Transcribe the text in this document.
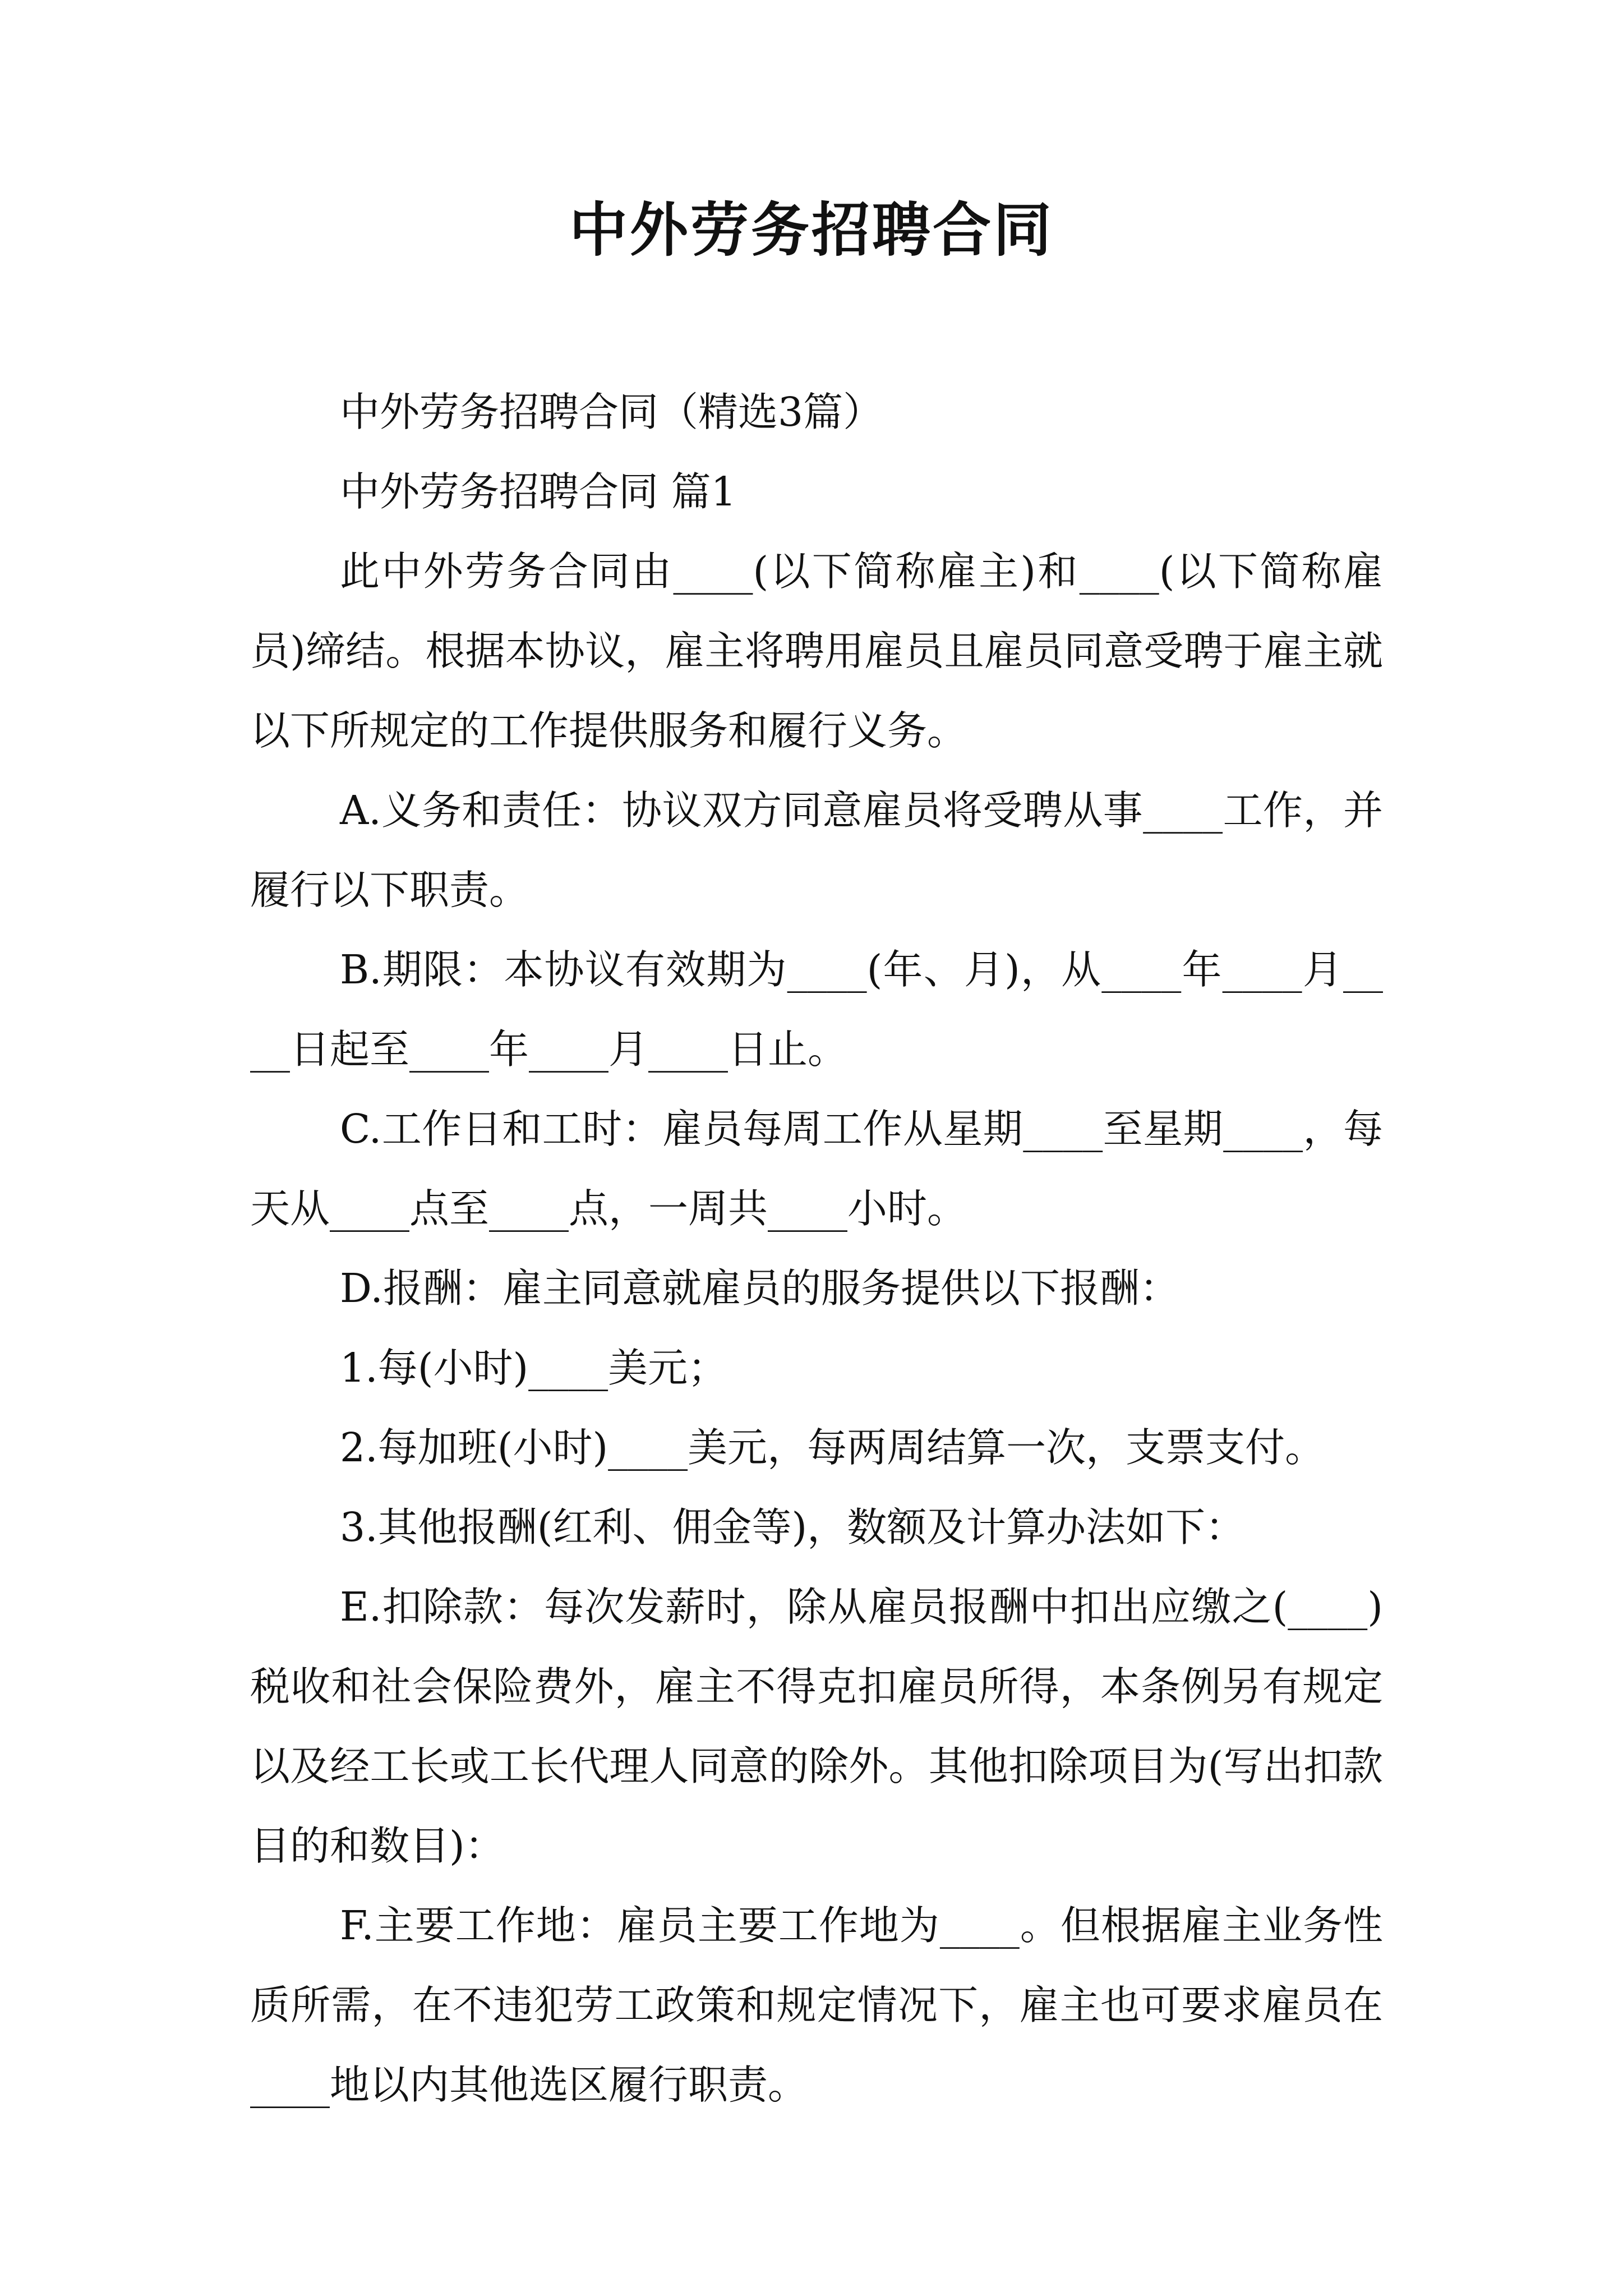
中外劳务招聘合同

中外劳务招聘合同（精选3篇）

中外劳务招聘合同 篇1

此中外劳务合同由____(以下简称雇主)和____(以下简称雇员)缔结。根据本协议，雇主将聘用雇员且雇员同意受聘于雇主就以下所规定的工作提供服务和履行义务。

A.义务和责任：协议双方同意雇员将受聘从事____工作，并履行以下职责。

B.期限：本协议有效期为____(年、月)，从____年____月____日起至____年____月____日止。

C.工作日和工时：雇员每周工作从星期____至星期____，每天从____点至____点，一周共____小时。

D.报酬：雇主同意就雇员的服务提供以下报酬：

1.每(小时)____美元；

2.每加班(小时)____美元，每两周结算一次，支票支付。

3.其他报酬(红利、佣金等)，数额及计算办法如下：

E.扣除款：每次发薪时，除从雇员报酬中扣出应缴之(____)税收和社会保险费外，雇主不得克扣雇员所得，本条例另有规定以及经工长或工长代理人同意的除外。其他扣除项目为(写出扣款目的和数目)：

F.主要工作地：雇员主要工作地为____。但根据雇主业务性质所需，在不违犯劳工政策和规定情况下，雇主也可要求雇员在____地以内其他选区履行职责。
